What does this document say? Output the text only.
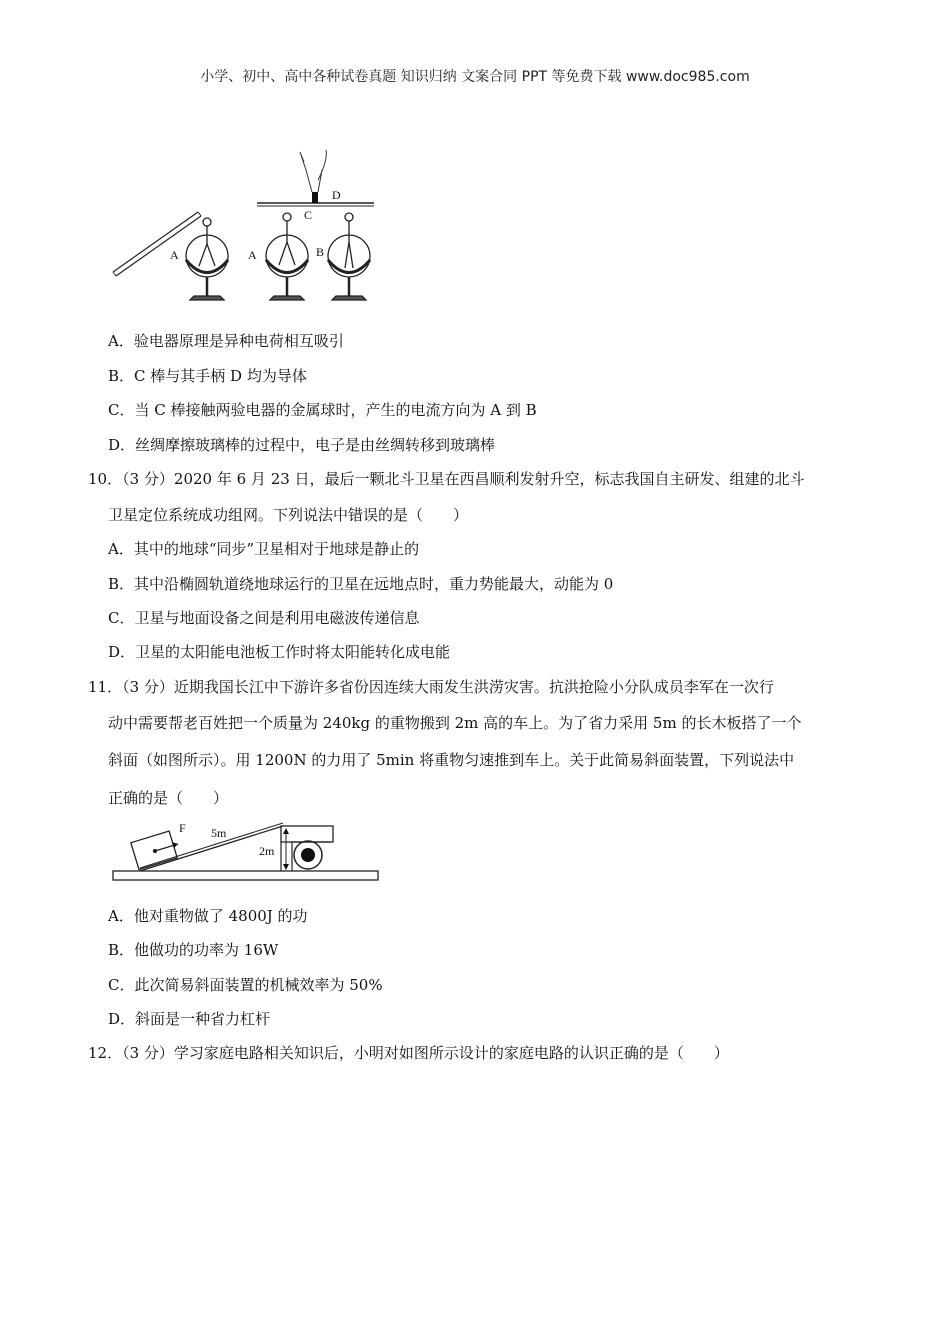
小学、初中、高中各种试卷真题 知识归纳 文案合同 PPT 等免费下载 www.doc985.com
A
C
D
A	B
A．验电器原理是异种电荷相互吸引
B．C 棒与其手柄 D 均为导体
C．当 C 棒接触两验电器的金属球时，产生的电流方向为 A 到 B
D．丝绸摩擦玻璃棒的过程中，电子是由丝绸转移到玻璃棒
10．（3 分）2020 年 6 月 23 日，最后一颗北斗卫星在西昌顺利发射升空，标志我国自主研发、组建的北斗
卫星定位系统成功组网。下列说法中错误的是（　　）
A．其中的地球“同步”卫星相对于地球是静止的
B．其中沿椭圆轨道绕地球运行的卫星在远地点时，重力势能最大，动能为 0
C．卫星与地面设备之间是利用电磁波传递信息
D．卫星的太阳能电池板工作时将太阳能转化成电能
11．（3 分）近期我国长江中下游许多省份因连续大雨发生洪涝灾害。抗洪抢险小分队成员李军在一次行
动中需要帮老百姓把一个质量为 240kg 的重物搬到 2m 高的车上。为了省力采用 5m 的长木板搭了一个
斜面（如图所示）。用 1200N 的力用了 5min 将重物匀速推到车上。关于此简易斜面装置，下列说法中
正确的是（　　）
F 5m
2m
A．他对重物做了 4800J 的功
B．他做功的功率为 16W
C．此次简易斜面装置的机械效率为 50%
D．斜面是一种省力杠杆
12．（3 分）学习家庭电路相关知识后，小明对如图所示设计的家庭电路的认识正确的是（　　）
